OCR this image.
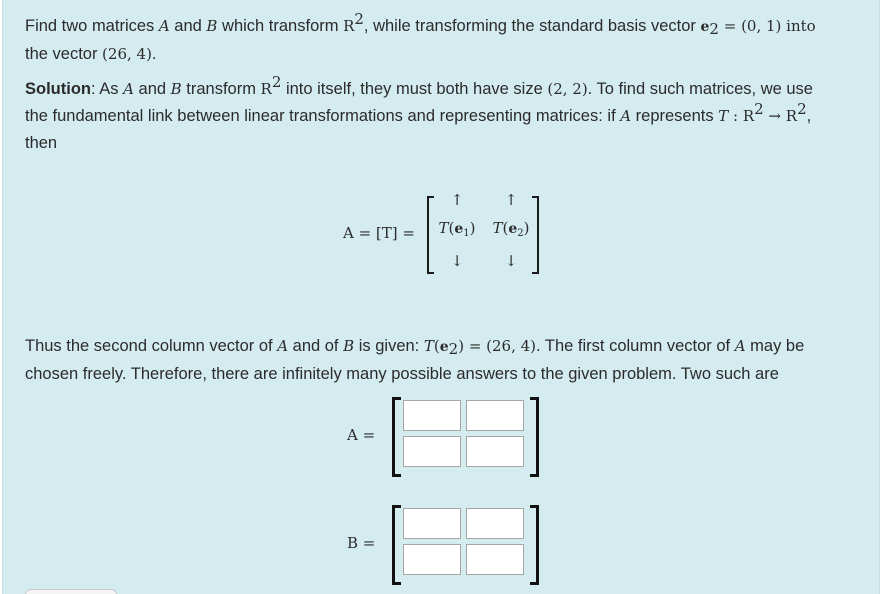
Find two matrices A and B which transform $R^2$, while transforming the standard basis vector $e_2 = (0$, 1) into
the vector (26, 4).
Solution: As A and B transform $R^2$ into itself, they must both have size (2, 2). To find such matrices, we use
the fundamental link between linear transformations and representing matrices: if A represents T : $R^2 \to R^2$,
then
A = [T] =
↑	↑
$T(e_1)$ $T(e_2)$
↓	↓
Thus the second column vector of A and of B is given: $T(e_2) = (26$, 4). The first column vector of A may be
chosen freely. Therefore, there are infinitely many possible answers to the given problem. Two such are
A =
B =
